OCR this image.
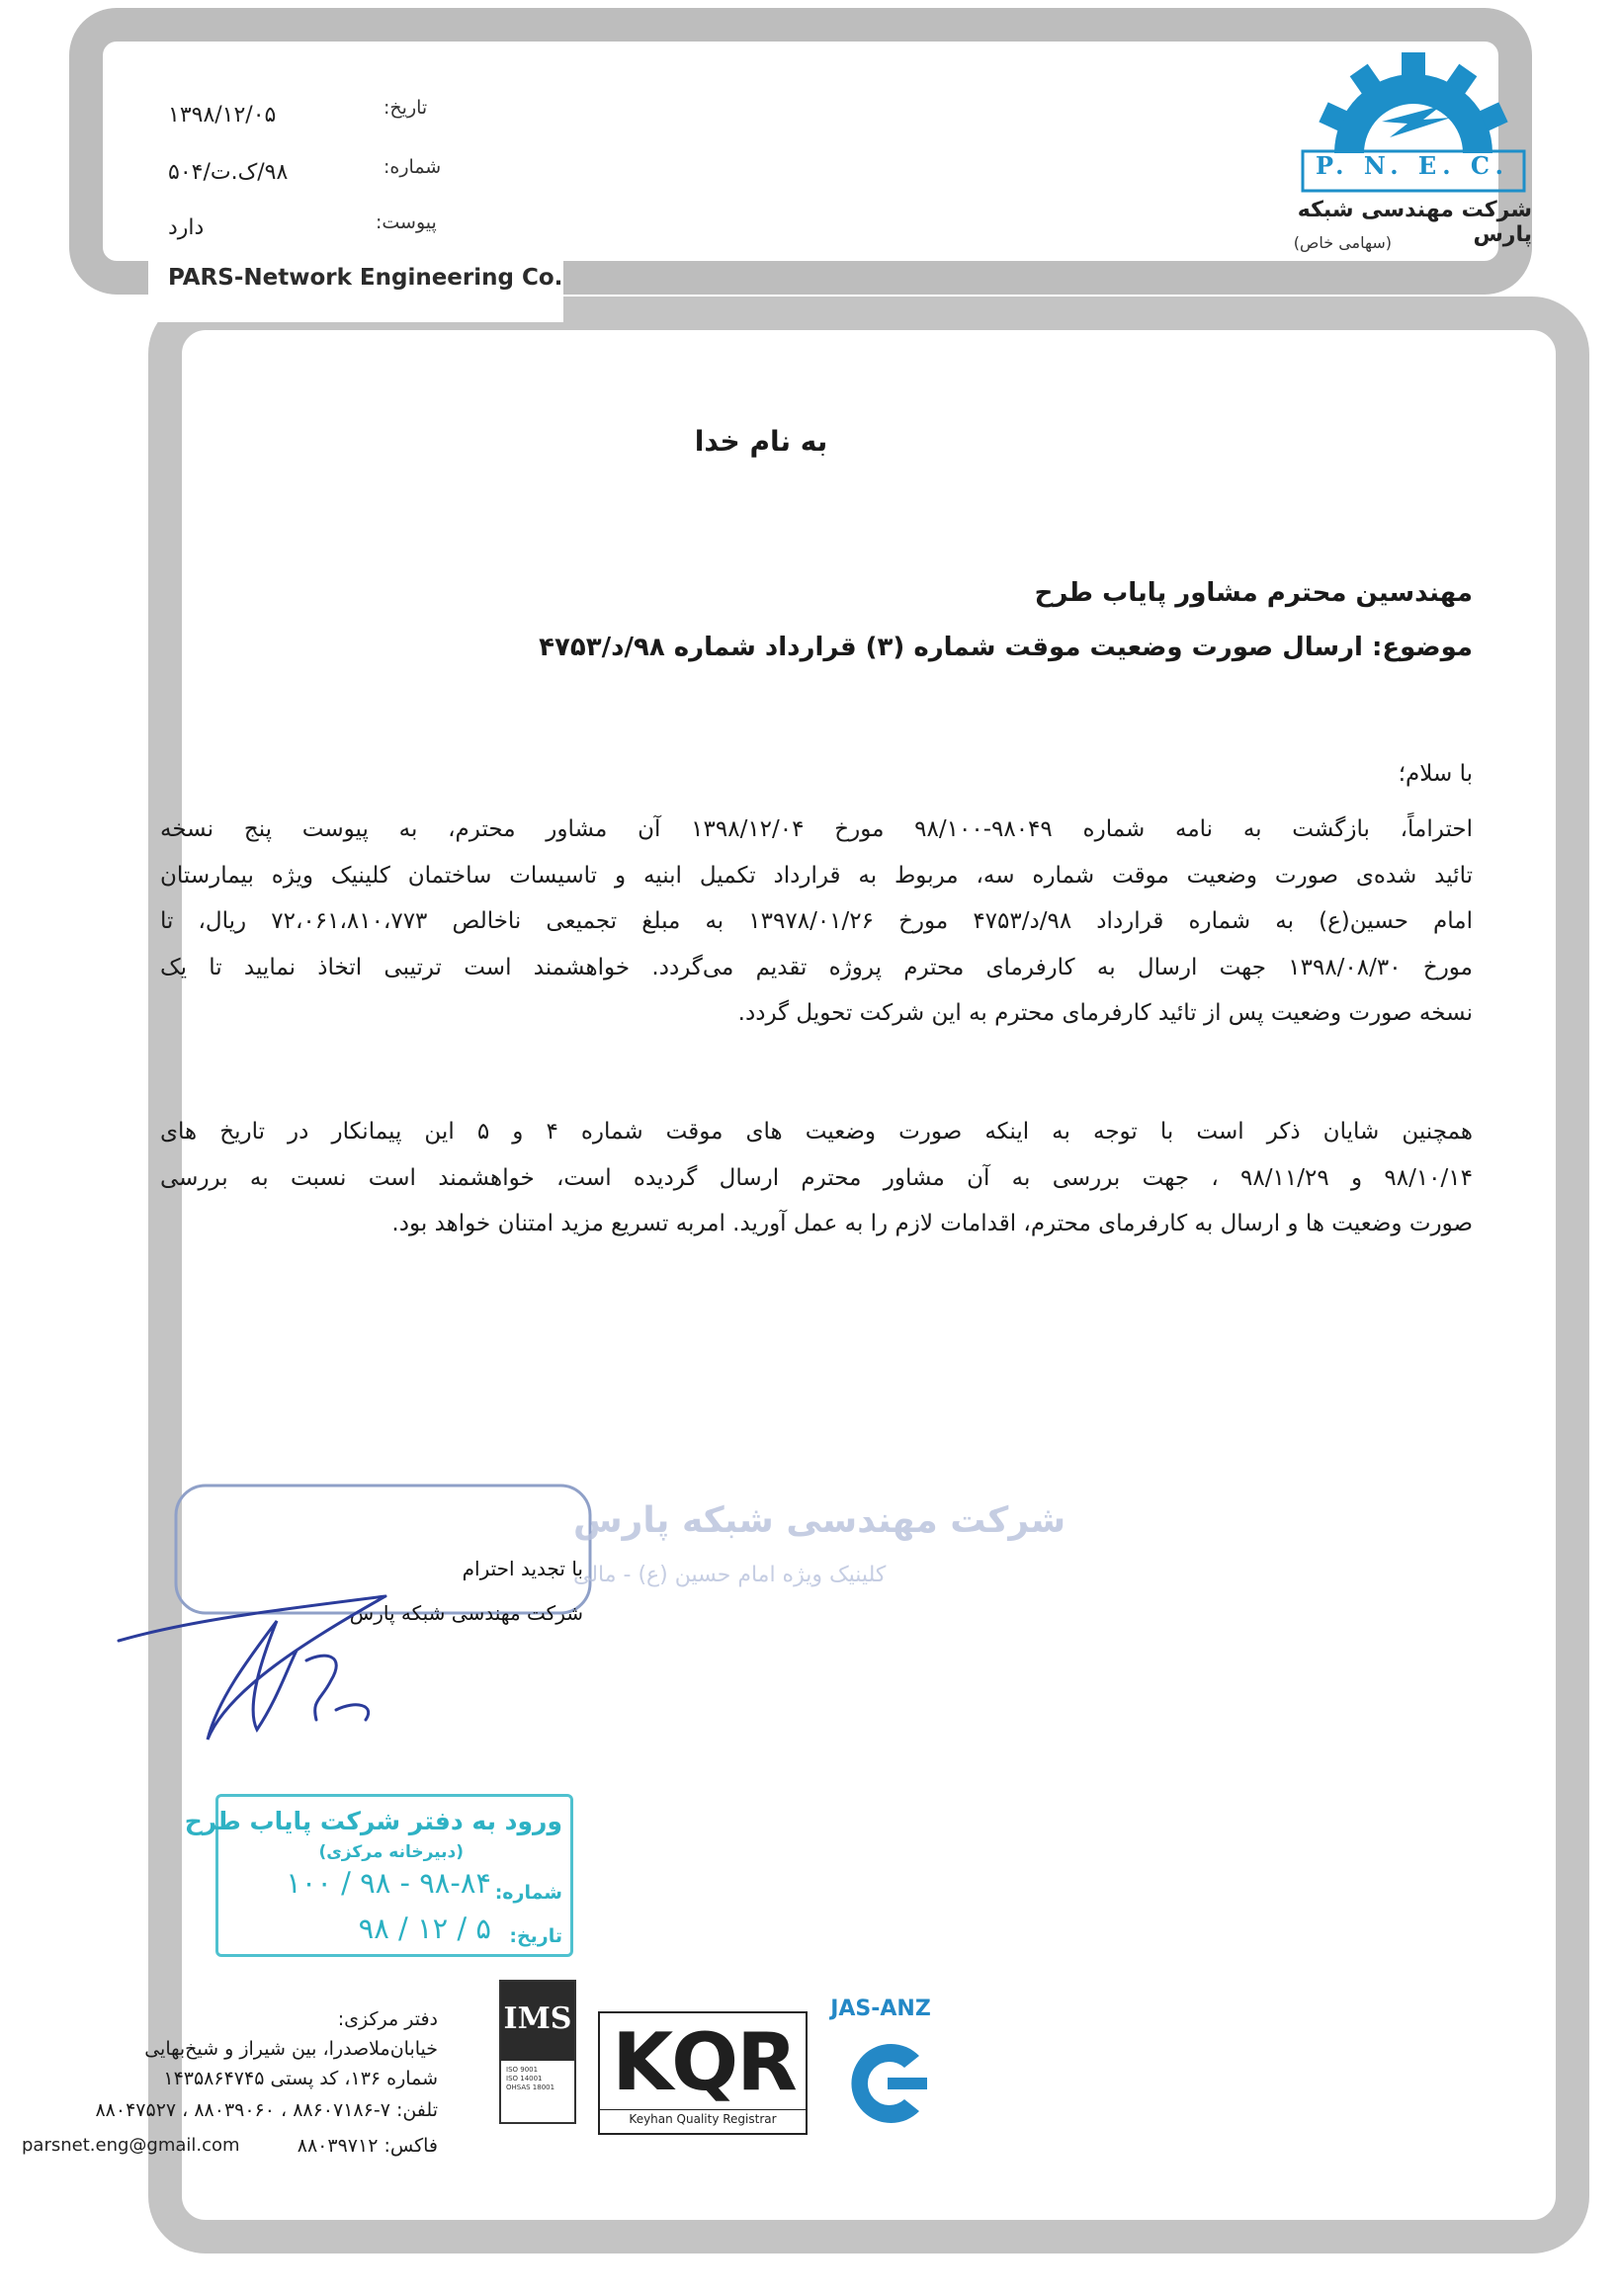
PARS-Network Engineering Co.
تاریخ:
۱۳۹۸/۱۲/۰۵
شماره:
۹۸/ک.ت/۵۰۴
پیوست:
دارد
P. N. E. C.
شرکت مهندسی شبکه پارس
(سهامی خاص)
به نام خدا
مهندسین محترم مشاور پایاب طرح
موضوع: ارسال صورت وضعیت موقت شماره (۳) قرارداد شماره ۹۸/د/۴۷۵۳
با سلام؛
احتراماً، بازگشت به نامه شماره ۹۸۰۴۹-۹۸/۱۰۰ مورخ ۱۳۹۸/۱۲/۰۴ آن مشاور محترم، به پیوست پنج نسخه
تائید شده‌ی صورت وضعیت موقت شماره سه، مربوط به قرارداد تکمیل ابنیه و تاسیسات ساختمان کلینیک ویژه بیمارستان
امام حسین(ع) به شماره قرارداد ۹۸/د/۴۷۵۳ مورخ ۱۳۹۷۸/۰۱/۲۶ به مبلغ تجمیعی ناخالص ۷۲،۰۶۱،۸۱۰،۷۷۳ ریال، تا
مورخ ۱۳۹۸/۰۸/۳۰ جهت ارسال به کارفرمای محترم پروژه تقدیم می‌گردد. خواهشمند است ترتیبی اتخاذ نمایید تا یک
نسخه صورت وضعیت پس از تائید کارفرمای محترم به این شرکت تحویل گردد.
همچنین شایان ذکر است با توجه به اینکه صورت وضعیت های موقت شماره ۴ و ۵ این پیمانکار در تاریخ های
۹۸/۱۰/۱۴ و ۹۸/۱۱/۲۹ ، جهت بررسی به آن مشاور محترم ارسال گردیده است، خواهشمند است نسبت به بررسی
صورت وضعیت ها و ارسال به کارفرمای محترم، اقدامات لازم را به عمل آورید. امربه تسریع مزید امتنان خواهد بود.
شرکت مهندسی شبکه پارس
کلینیک ویژه امام حسین (ع) - مالی
با تجدید احترام
شرکت مهندسی شبکه پارس
ورود به دفتر شرکت پایاب طرح
(دبیرخانه مرکزی)
شماره:
۹۸-۸۴ - ۹۸ / ۱۰۰
تاریخ:
۵ / ۱۲ / ۹۸
دفتر مرکزی:
خیابان‌ملاصدرا، بین شیراز و شیخ‌بهایی
شماره ۱۳۶، کد پستی ۱۴۳۵۸۶۴۷۴۵
تلفن: ۷-۸۸۶۰۷۱۸۶ ، ۸۸۰۳۹۰۶۰ ، ۸۸۰۴۷۵۲۷
فاکس: ۸۸۰۳۹۷۱۲
parsnet.eng@gmail.com
IMS
ISO 9001
ISO 14001
OHSAS 18001 KQR
Keyhan Quality Registrar
JAS-ANZ
